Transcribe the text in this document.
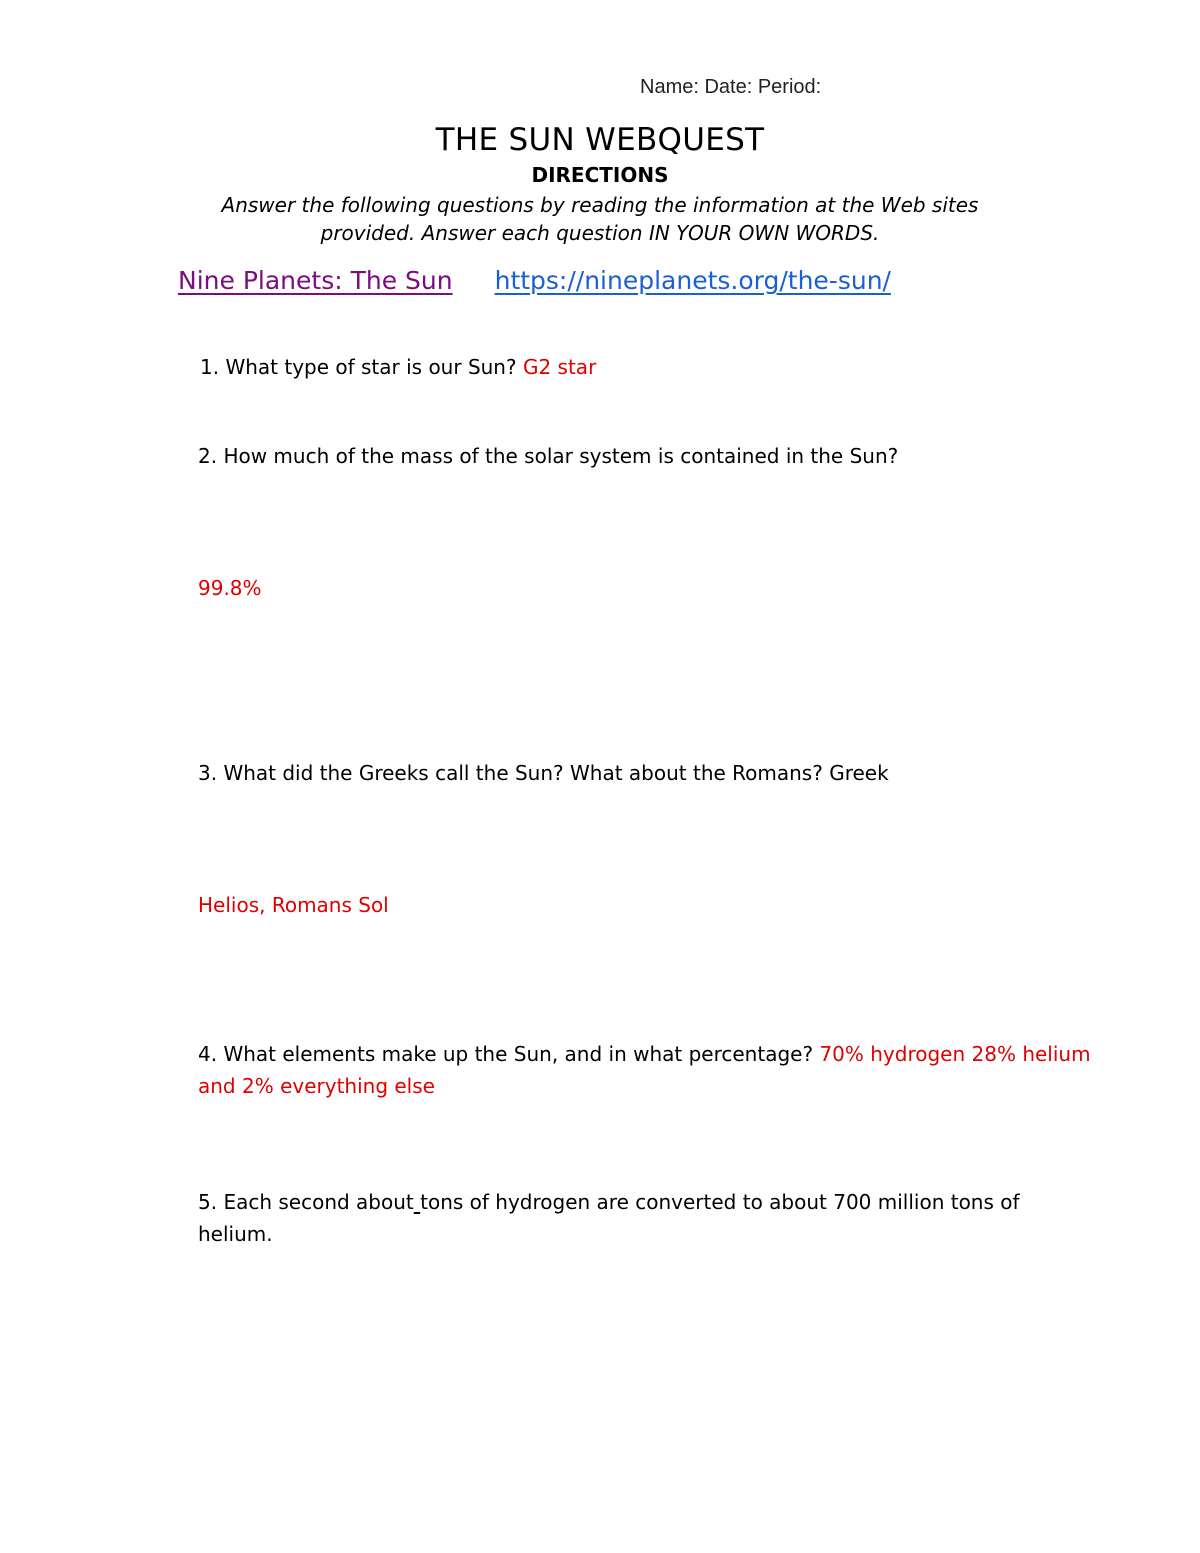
Name: Date: Period:
THE SUN WEBQUEST
DIRECTIONS
Answer the following questions by reading the information at the Web sites
provided. Answer each question IN YOUR OWN WORDS.
Nine Planets: The Sun https://nineplanets.org/the-sun/
1. What type of star is our Sun? G2 star
2. How much of the mass of the solar system is contained in the Sun?
99.8%
3. What did the Greeks call the Sun? What about the Romans? Greek
Helios, Romans Sol
4. What elements make up the Sun, and in what percentage? 70% hydrogen 28% helium
and 2% everything else
5. Each second about tons of hydrogen are converted to about 700 million tons of
helium.
